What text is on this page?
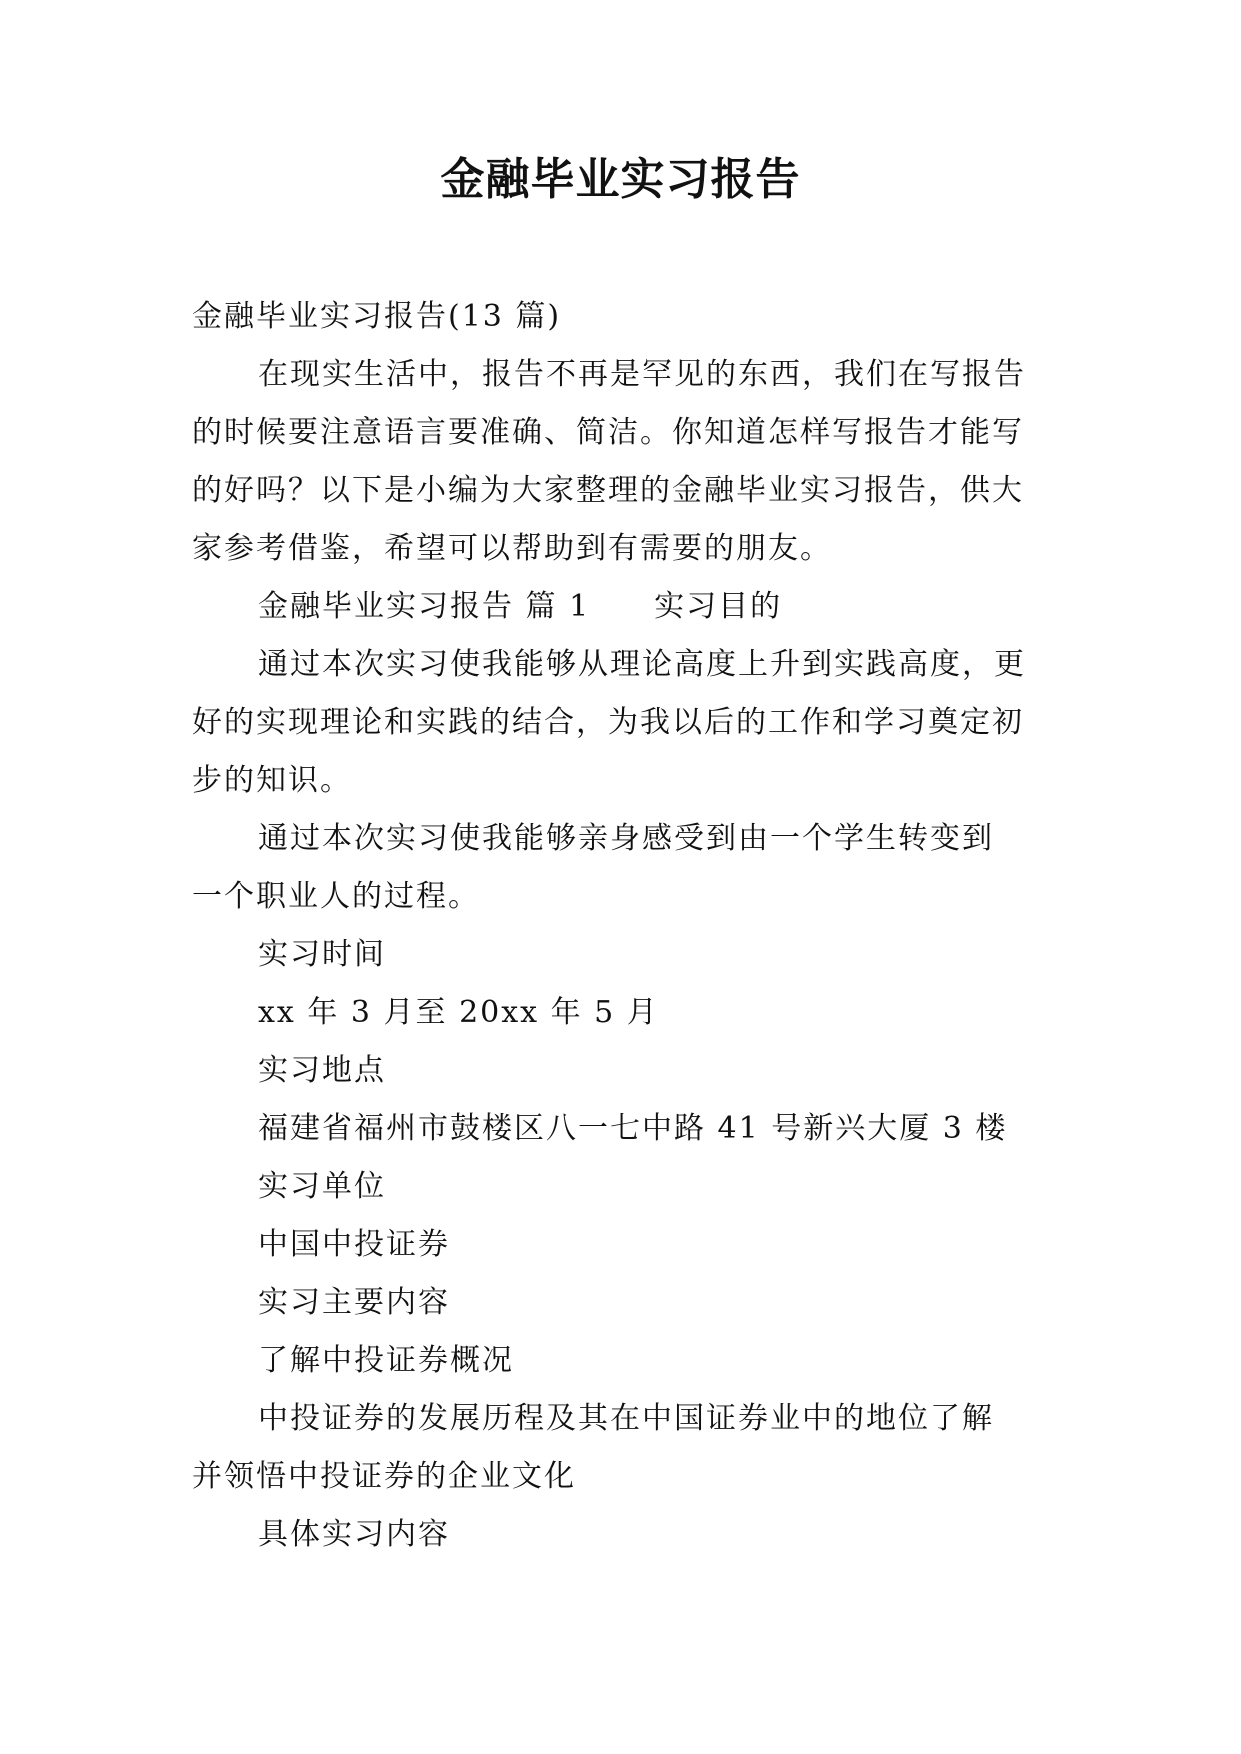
金融毕业实习报告

金融毕业实习报告(13 篇)

在现实生活中，报告不再是罕见的东西，我们在写报告

的时候要注意语言要准确、简洁。你知道怎样写报告才能写

的好吗？以下是小编为大家整理的金融毕业实习报告，供大

家参考借鉴，希望可以帮助到有需要的朋友。

金融毕业实习报告 篇 1 实习目的

通过本次实习使我能够从理论高度上升到实践高度，更

好的实现理论和实践的结合，为我以后的工作和学习奠定初

步的知识。

通过本次实习使我能够亲身感受到由一个学生转变到

一个职业人的过程。

实习时间

xx 年 3 月至 20xx 年 5 月

实习地点

福建省福州市鼓楼区八一七中路 41 号新兴大厦 3 楼

实习单位

中国中投证券

实习主要内容

了解中投证券概况

中投证券的发展历程及其在中国证券业中的地位了解

并领悟中投证券的企业文化

具体实习内容
